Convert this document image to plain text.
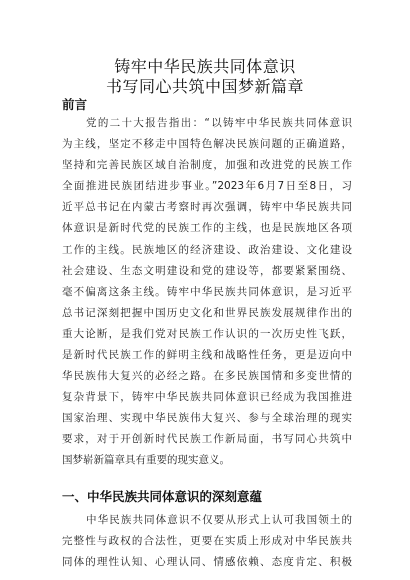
铸牢中华民族共同体意识
书写同心共筑中国梦新篇章
前言
党的二十大报告指出：“以铸牢中华民族共同体意识
为主线，坚定不移走中国特色解决民族问题的正确道路，
坚持和完善民族区域自治制度，加强和改进党的民族工作
全面推进民族团结进步事业。”2023年6月7日至8日，习
近平总书记在内蒙古考察时再次强调，铸牢中华民族共同
体意识是新时代党的民族工作的主线，也是民族地区各项
工作的主线。民族地区的经济建设、政治建设、文化建设
社会建设、生态文明建设和党的建设等，都要紧紧围绕、
毫不偏离这条主线。铸牢中华民族共同体意识，是习近平
总书记深刻把握中国历史文化和世界民族发展规律作出的
重大论断，是我们党对民族工作认识的一次历史性飞跃，
是新时代民族工作的鲜明主线和战略性任务，更是迈向中
华民族伟大复兴的必经之路。在多民族国情和多变世情的
复杂背景下，铸牢中华民族共同体意识已经成为我国推进
国家治理、实现中华民族伟大复兴、参与全球治理的现实
要求，对于开创新时代民族工作新局面，书写同心共筑中
国梦崭新篇章具有重要的现实意义。
一、中华民族共同体意识的深刻意蕴
中华民族共同体意识不仅要从形式上认可我国领土的
完整性与政权的合法性，更要在实质上形成对中华民族共
同体的理性认知、心理认同、情感依赖、态度肯定、积极
